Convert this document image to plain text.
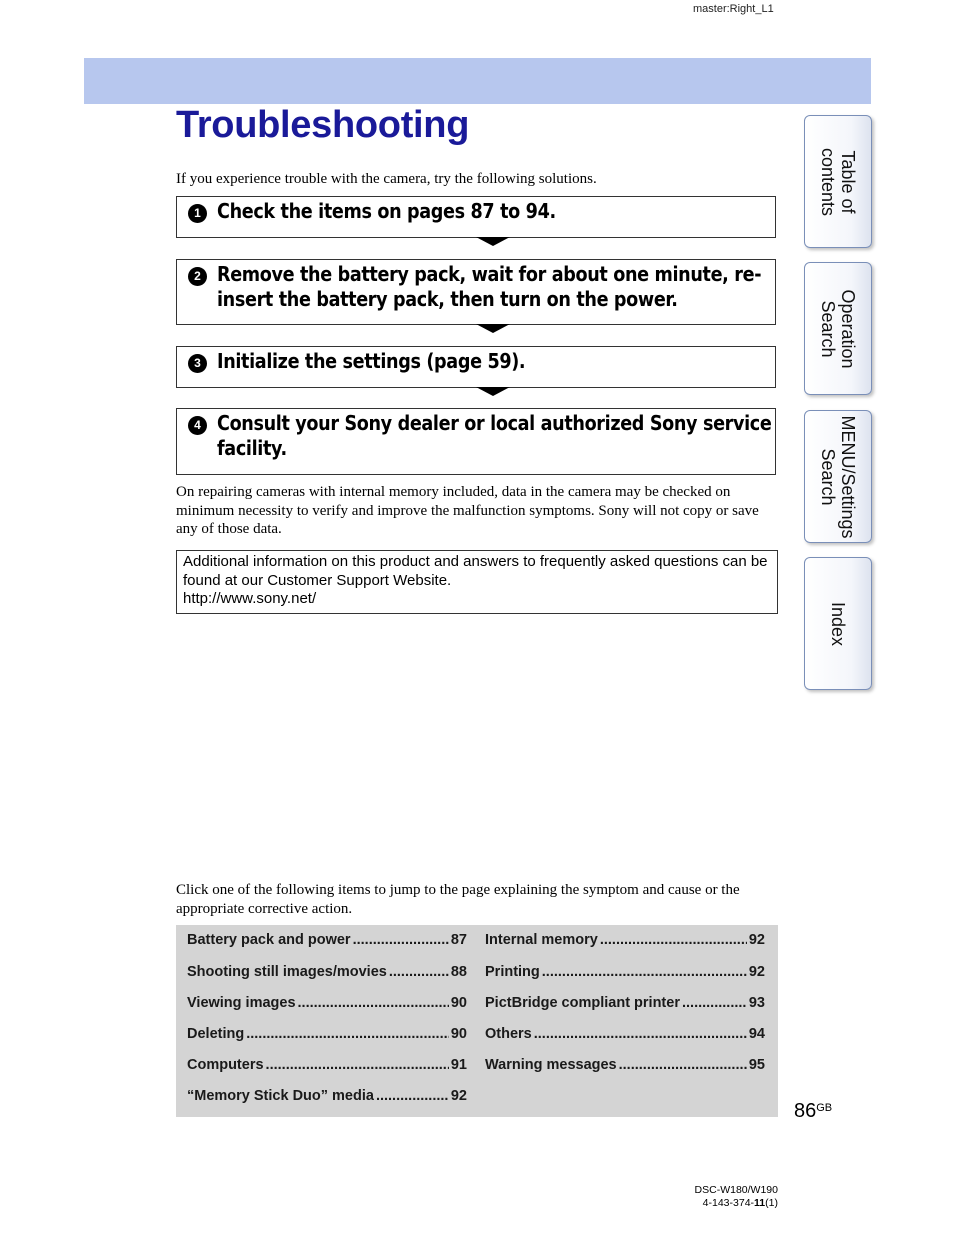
master:Right_L1
Troubleshooting
If you experience trouble with the camera, try the following solutions.
1 Check the items on pages 87 to 94.
2 Remove the battery pack, wait for about one minute, re-insert the battery pack, then turn on the power.
3 Initialize the settings (page 59).
4 Consult your Sony dealer or local authorized Sony service facility.
On repairing cameras with internal memory included, data in the camera may be checked on minimum necessity to verify and improve the malfunction symptoms. Sony will not copy or save any of those data.
Additional information on this product and answers to frequently asked questions can be found at our Customer Support Website.
http://www.sony.net/
Click one of the following items to jump to the page explaining the symptom and cause or the appropriate corrective action.
Battery pack and power .....	87
Shooting still images/movies .....	88
Viewing images .....	90
Deleting .....	90
Computers .....	91
“Memory Stick Duo” media .....	92
Internal memory .....	92
Printing .....	92
PictBridge compliant printer .....	93
Others .....	94
Warning messages .....	95
Table of
contents
Operation
Search
MENU/Settings
Search
Index
$86^{GB}$
DSC-W180/W190
4-143-374-11(1)
